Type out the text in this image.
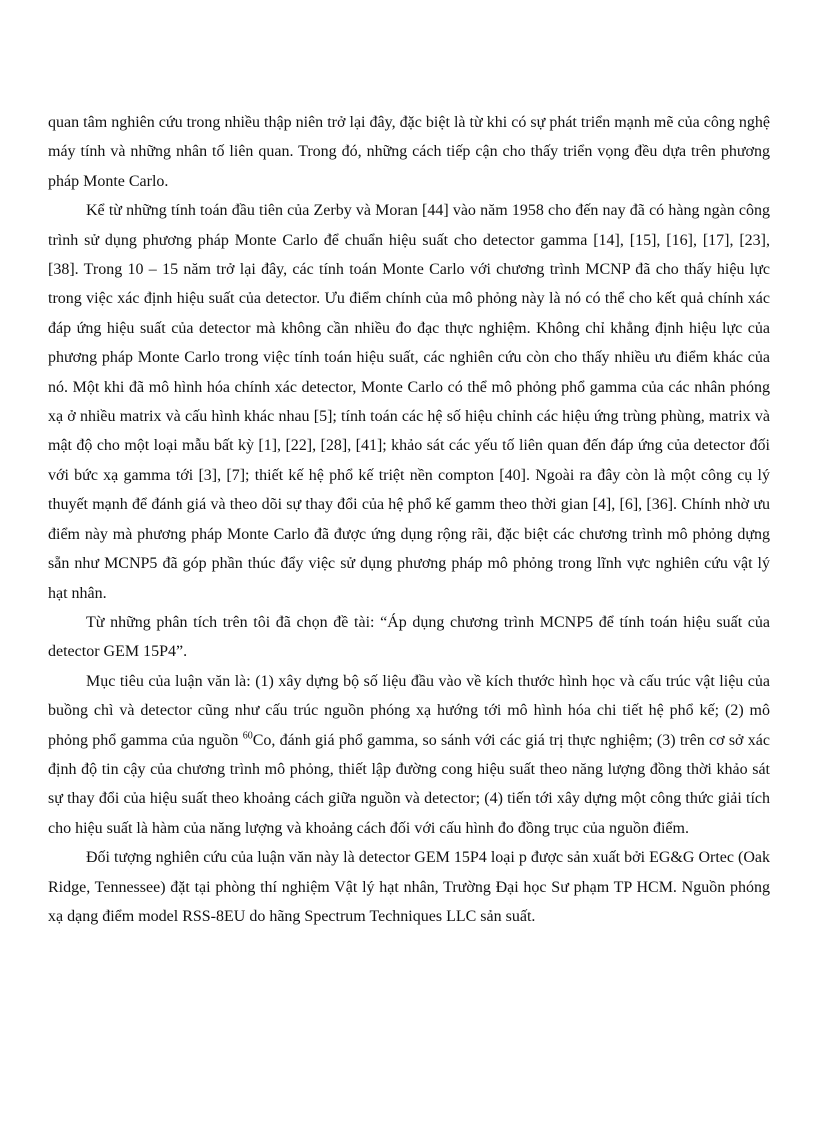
quan tâm nghiên cứu trong nhiều thập niên trở lại đây, đặc biệt là từ khi có sự phát triển mạnh mẽ của công nghệ máy tính và những nhân tố liên quan. Trong đó, những cách tiếp cận cho thấy triển vọng đều dựa trên phương pháp Monte Carlo.

Kể từ những tính toán đầu tiên của Zerby và Moran [44] vào năm 1958 cho đến nay đã có hàng ngàn công trình sử dụng phương pháp Monte Carlo để chuẩn hiệu suất cho detector gamma [14], [15], [16], [17], [23], [38]. Trong 10 – 15 năm trở lại đây, các tính toán Monte Carlo với chương trình MCNP đã cho thấy hiệu lực trong việc xác định hiệu suất của detector. Ưu điểm chính của mô phỏng này là nó có thể cho kết quả chính xác đáp ứng hiệu suất của detector mà không cần nhiều đo đạc thực nghiệm. Không chỉ khẳng định hiệu lực của phương pháp Monte Carlo trong việc tính toán hiệu suất, các nghiên cứu còn cho thấy nhiều ưu điểm khác của nó. Một khi đã mô hình hóa chính xác detector, Monte Carlo có thể mô phỏng phổ gamma của các nhân phóng xạ ở nhiều matrix và cấu hình khác nhau [5]; tính toán các hệ số hiệu chỉnh các hiệu ứng trùng phùng, matrix và mật độ cho một loại mẫu bất kỳ [1], [22], [28], [41]; khảo sát các yếu tố liên quan đến đáp ứng của detector đối với bức xạ gamma tới [3], [7]; thiết kế hệ phổ kế triệt nền compton [40]. Ngoài ra đây còn là một công cụ lý thuyết mạnh để đánh giá và theo dõi sự thay đổi của hệ phổ kế gamm theo thời gian [4], [6], [36]. Chính nhờ ưu điểm này mà phương pháp Monte Carlo đã được ứng dụng rộng rãi, đặc biệt các chương trình mô phỏng dựng sẵn như MCNP5 đã góp phần thúc đẩy việc sử dụng phương pháp mô phỏng trong lĩnh vực nghiên cứu vật lý hạt nhân.

Từ những phân tích trên tôi đã chọn đề tài: “Áp dụng chương trình MCNP5 để tính toán hiệu suất của detector GEM 15P4”.

Mục tiêu của luận văn là: (1) xây dựng bộ số liệu đầu vào về kích thước hình học và cấu trúc vật liệu của buồng chì và detector cũng như cấu trúc nguồn phóng xạ hướng tới mô hình hóa chi tiết hệ phổ kế; (2) mô phỏng phổ gamma của nguồn $^{60}$Co, đánh giá phổ gamma, so sánh với các giá trị thực nghiệm; (3) trên cơ sở xác định độ tin cậy của chương trình mô phỏng, thiết lập đường cong hiệu suất theo năng lượng đồng thời khảo sát sự thay đổi của hiệu suất theo khoảng cách giữa nguồn và detector; (4) tiến tới xây dựng một công thức giải tích cho hiệu suất là hàm của năng lượng và khoảng cách đối với cấu hình đo đồng trục của nguồn điểm.

Đối tượng nghiên cứu của luận văn này là detector GEM 15P4 loại p được sản xuất bởi EG&G Ortec (Oak Ridge, Tennessee) đặt tại phòng thí nghiệm Vật lý hạt nhân, Trường Đại học Sư phạm TP HCM. Nguồn phóng xạ dạng điểm model RSS-8EU do hãng Spectrum Techniques LLC sản suất.
